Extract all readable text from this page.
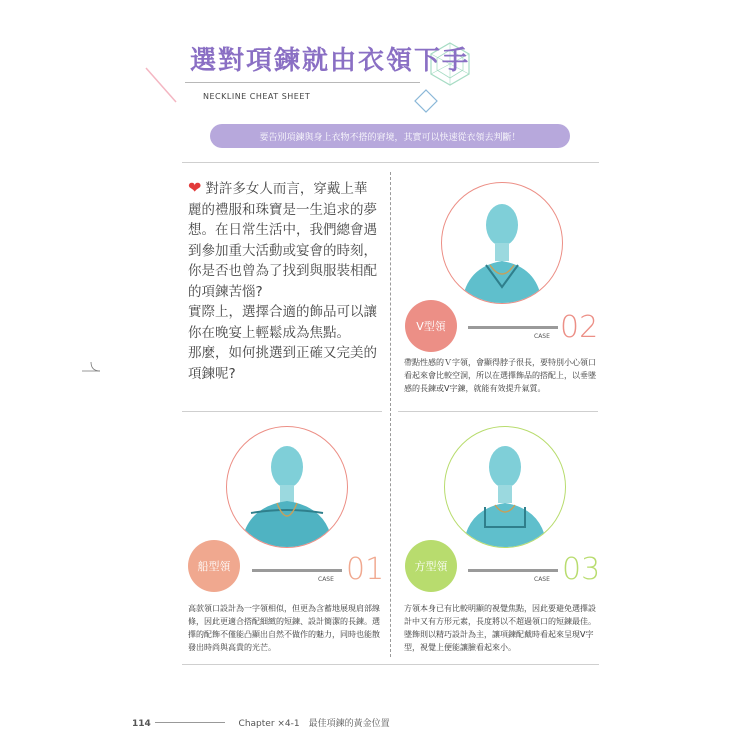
選對項鍊就由衣領下手
NECKLINE CHEAT SHEET
要告別項鍊與身上衣物不搭的窘境，其實可以快速從衣領去判斷！
❤ 對許多女人而言，穿戴上華
麗的禮服和珠寶是一生追求的夢
想。在日常生活中，我們總會遇
到參加重大活動或宴會的時刻，
你是否也曾為了找到與服裝相配
的項鍊苦惱?
實際上，選擇合適的飾品可以讓
你在晚宴上輕鬆成為焦點。
那麼，如何挑選到正確又完美的
項鍊呢?
V型領
CASE 02
帶點性感的Ｖ字領，會顯得脖子很長，要特別小心領口看起來會比較空洞，所以在選擇飾品的搭配上，以垂墜感的長鍊或V字鍊，就能有效提升氣質。
船型領
CASE 01
高款領口設計為一字領相似，但更為含蓄地展現肩部線條，因此更適合搭配細緻的短鍊、設計簡潔的長鍊。選擇的配飾不僅能凸顯出自然不做作的魅力，同時也能散發出時尚與高貴的光芒。
方型領
CASE 03
方領本身已有比較明顯的視覺焦點，因此要避免選擇設計中又有方形元素，長度將以不超過領口的短鍊最佳。墜飾則以精巧設計為主，讓項鍊配戴時看起來呈現V字型，視覺上便能讓臉看起來小。
114	Chapter ×4-1　最佳項鍊的黃金位置
